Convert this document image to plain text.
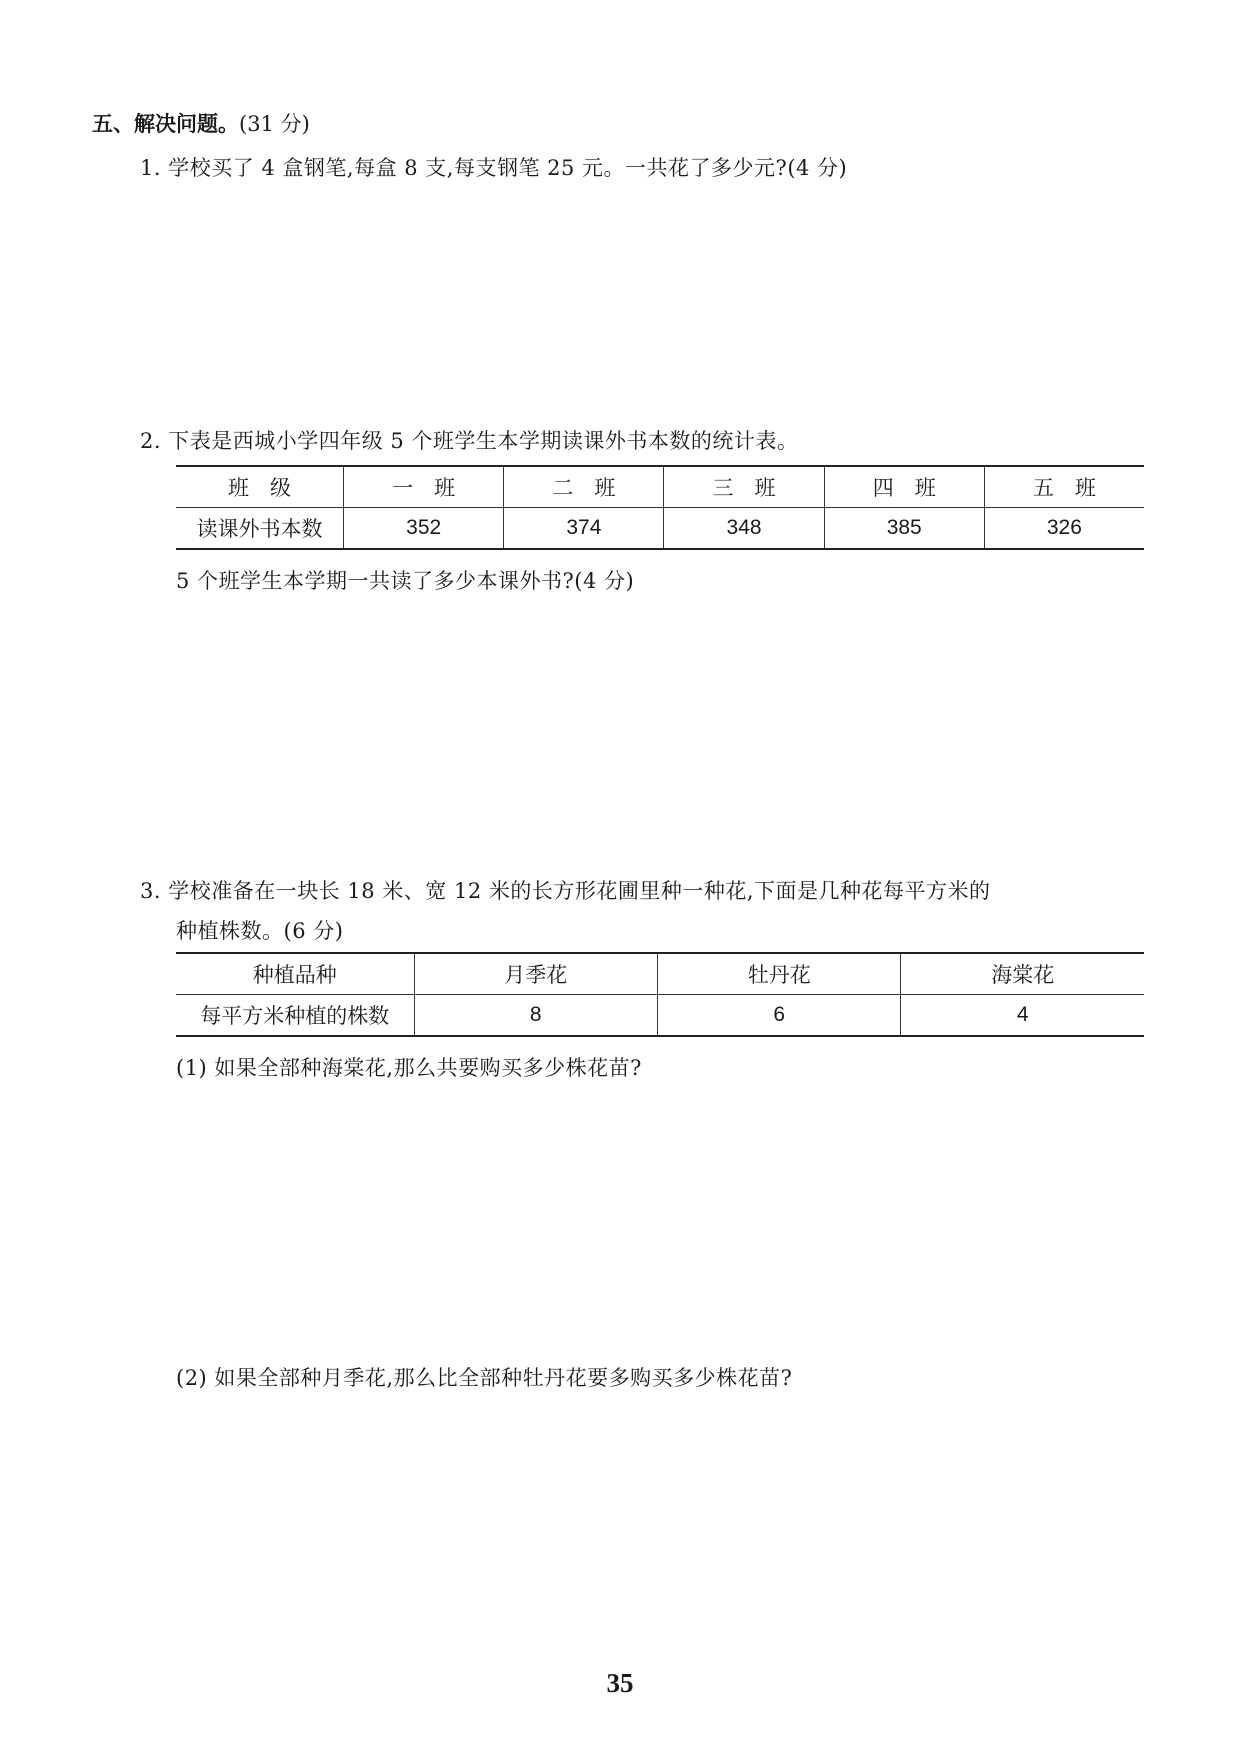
五、解决问题。(31 分)
1. 学校买了 4 盒钢笔,每盒 8 支,每支钢笔 25 元。一共花了多少元?(4 分)
2. 下表是西城小学四年级 5 个班学生本学期读课外书本数的统计表。
班　级	一　班	二　班	三　班	四　班	五　班
读课外书本数	352	374	348	385	326
5 个班学生本学期一共读了多少本课外书?(4 分)
3. 学校准备在一块长 18 米、宽 12 米的长方形花圃里种一种花,下面是几种花每平方米的
种植株数。(6 分)
种植品种	月季花	牡丹花	海棠花
每平方米种植的株数	8	6	4
(1) 如果全部种海棠花,那么共要购买多少株花苗?
(2) 如果全部种月季花,那么比全部种牡丹花要多购买多少株花苗?
35
